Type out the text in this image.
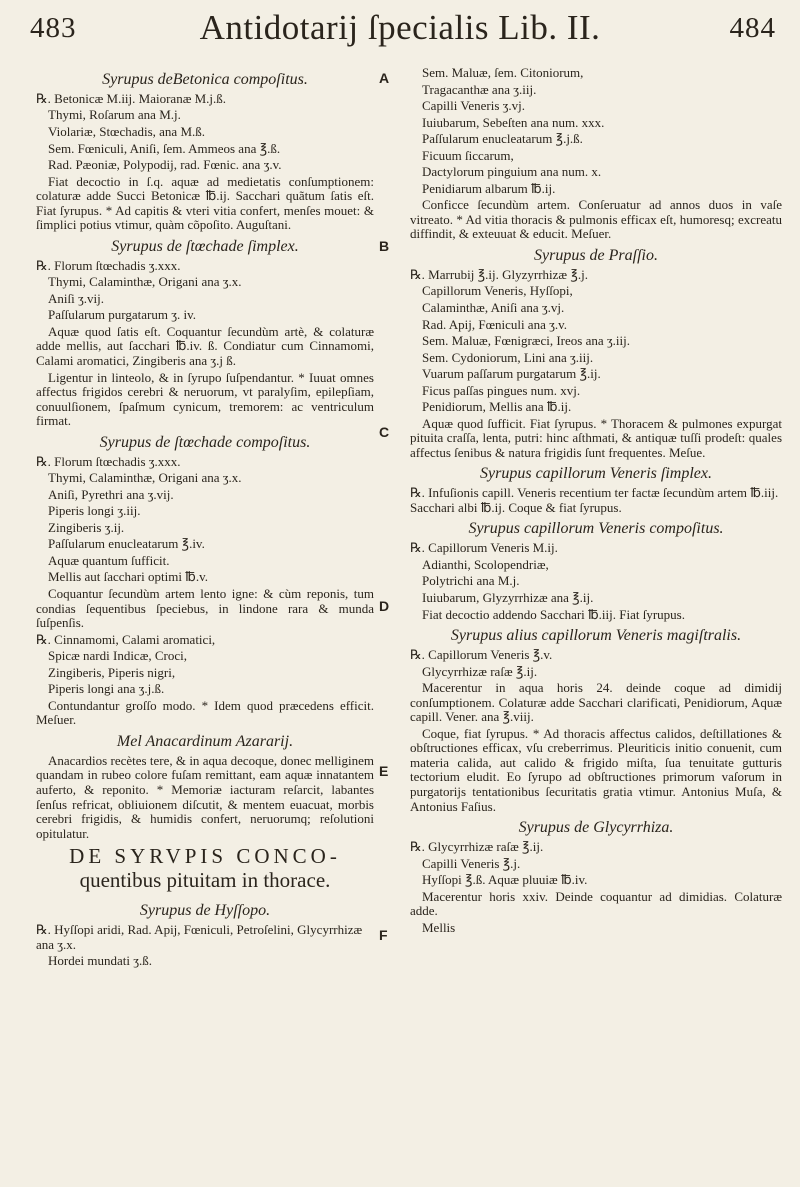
483	Antidotarij ſpecialis Lib. II.	484
A
B
C
D
E
F

Syrupus deBetonica compoſitus.

℞. Betonicæ M.iij. Maioranæ M.j.ß.

Thymi, Roſarum ana M.j.

Violariæ, Stœchadis, ana M.ß.

Sem. Fœniculi, Aniſi, ſem. Ammeos ana ℥.ß.

Rad. Pæoniæ, Polypodij, rad. Fœnic. ana ʒ.v.

Fiat decoctio in ſ.q. aquæ ad medietatis conſumptionem: colaturæ adde Succi Betonicæ ℔.ij. Sacchari quãtum ſatis eſt. Fiat ſyrupus. * Ad capitis & vteri vitia confert, menſes mouet: & ſimplici potius vtimur, quàm cõpoſito. Auguſtani.

Syrupus de ſtœchade ſimplex.

℞. Florum ſtœchadis ʒ.xxx.

Thymi, Calaminthæ, Origani ana ʒ.x.

Aniſi ʒ.vij.

Paſſularum purgatarum ʒ. iv.

Aquæ quod ſatis eſt. Coquantur ſecundùm artè, & colaturæ adde mellis, aut ſacchari ℔.iv. ß. Condiatur cum Cinnamomi, Calami aromatici, Zingiberis ana ʒ.j ß.

Ligentur in linteolo, & in ſyrupo ſuſpendantur. * Iuuat omnes affectus frigidos cerebri & neruorum, vt paralyſim, epilepſiam, conuulſionem, ſpaſmum cynicum, tremorem: ac ventriculum firmat.

Syrupus de ſtœchade compoſitus.

℞. Florum ſtœchadis ʒ.xxx.

Thymi, Calaminthæ, Origani ana ʒ.x.

Aniſi, Pyrethri ana ʒ.vij.

Piperis longi ʒ.iij.

Zingiberis ʒ.ij.

Paſſularum enucleatarum ℥.iv.

Aquæ quantum ſufficit.

Mellis aut ſacchari optimi ℔.v.

Coquantur ſecundùm artem lento igne: & cùm reponis, tum condias ſequentibus ſpeciebus, in lindone rara & munda ſuſpenſis.

℞. Cinnamomi, Calami aromatici,

Spicæ nardi Indicæ, Croci,

Zingiberis, Piperis nigri,

Piperis longi ana ʒ.j.ß.

Contundantur groſſo modo. * Idem quod præcedens efficit. Meſuer.

Mel Anacardinum Azararij.

Anacardios recètes tere, & in aqua decoque, donec melliginem quandam in rubeo colore fuſam remittant, eam aquæ innatantem auferto, & reponito. * Memoriæ iacturam reſarcit, labantes ſenſus refricat, obliuionem diſcutit, & mentem euacuat, morbis cerebri frigidis, & humidis confert, neruorumq; reſolutioni opitulatur.

DE SYRVPIS CONCO-

quentibus pituitam in thorace.

Syrupus de Hyſſopo.

℞. Hyſſopi aridi, Rad. Apij, Fœniculi, Petroſelini, Glycyrrhizæ ana ʒ.x.

Hordei mundati ʒ.ß.

Sem. Maluæ, ſem. Citoniorum,

Tragacanthæ ana ʒ.iij.

Capilli Veneris ʒ.vj.

Iuiubarum, Sebeſten ana num. xxx.

Paſſularum enucleatarum ℥.j.ß.

Ficuum ſiccarum,

Dactylorum pinguium ana num. x.

Penidiarum albarum ℔.ij.

Conficce ſecundùm artem. Conſeruatur ad annos duos in vaſe vitreato. * Ad vitia thoracis & pulmonis efficax eſt, humoresq; excreatu diffindit, & exteuuat & educit. Meſuer.

Syrupus de Praſſio.

℞. Marrubij ℥.ij. Glyzyrrhizæ ℥.j.

Capillorum Veneris, Hyſſopi,

Calaminthæ, Aniſi ana ʒ.vj.

Rad. Apij, Fœniculi ana ʒ.v.

Sem. Maluæ, Fœnigræci, Ireos ana ʒ.iij.

Sem. Cydoniorum, Lini ana ʒ.iij.

Vuarum paſſarum purgatarum ℥.ij.

Ficus paſſas pingues num. xvj.

Penidiorum, Mellis ana ℔.ij.

Aquæ quod ſufficit. Fiat ſyrupus. * Thoracem & pulmones expurgat pituita craſſa, lenta, putri: hinc aſthmati, & antiquæ tuſſi prodeſt: quales affectus ſenibus & natura frigidis ſunt frequentes. Meſue.

Syrupus capillorum Veneris ſimplex.

℞. Infuſionis capill. Veneris recentium ter factæ ſecundùm artem ℔.iij. Sacchari albi ℔.ij. Coque & fiat ſyrupus.

Syrupus capillorum Veneris compoſitus.

℞. Capillorum Veneris M.ij.

Adianthi, Scolopendriæ,

Polytrichi ana M.j.

Iuiubarum, Glyzyrrhizæ ana ℥.ij.

Fiat decoctio addendo Sacchari ℔.iij. Fiat ſyrupus.

Syrupus alius capillorum Veneris magiſtralis.

℞. Capillorum Veneris ℥.v.

Glycyrrhizæ raſæ ℥.ij.

Macerentur in aqua horis 24. deinde coque ad dimidij conſumptionem. Colaturæ adde Sacchari clarificati, Penidiorum, Aquæ capill. Vener. ana ℥.viij.

Coque, fiat ſyrupus. * Ad thoracis affectus calidos, deſtillationes & obſtructiones efficax, vſu creberrimus. Pleuriticis initio conuenit, cum materia calida, aut calido & frigido miſta, ſua tenuitate gutturis tectorium eludit. Eo ſyrupo ad obſtructiones primorum vaſorum in purgatorijs tentationibus ſecuritatis gratia vtimur. Antonius Muſa, & Antonius Faſius.

Syrupus de Glycyrrhiza.

℞. Glycyrrhizæ raſæ ℥.ij.

Capilli Veneris ℥.j.

Hyſſopi ℥.ß. Aquæ pluuiæ ℔.iv.

Macerentur horis xxiv. Deinde coquantur ad dimidias. Colaturæ adde.

Mellis
